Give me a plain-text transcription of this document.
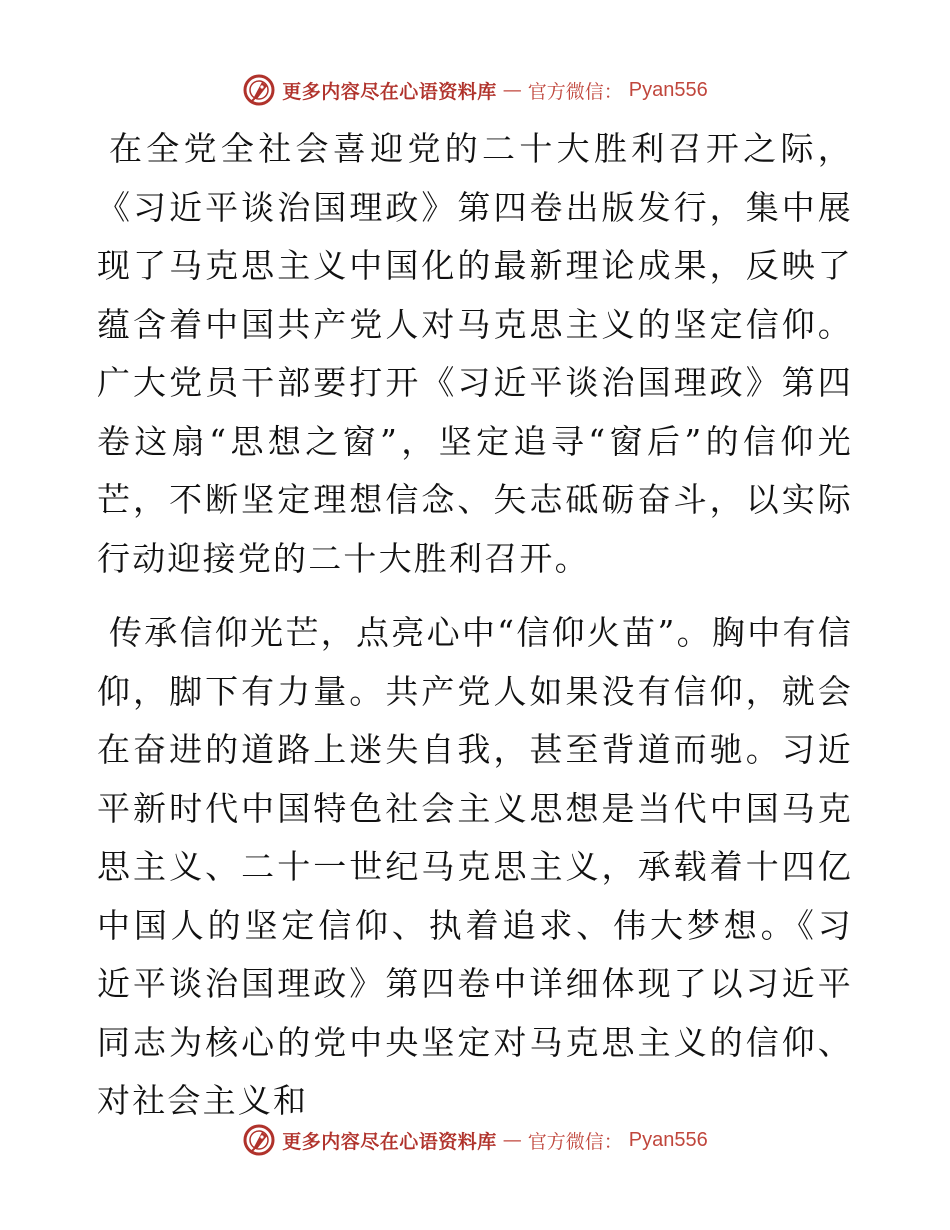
更多内容尽在心语资料库 — 官方微信： Pyan556

在全党全社会喜迎党的二十大胜利召开之际，《习近平谈治国理政》第四卷出版发行，集中展现了马克思主义中国化的最新理论成果，反映了蕴含着中国共产党人对马克思主义的坚定信仰。广大党员干部要打开《习近平谈治国理政》第四卷这扇“思想之窗”，坚定追寻“窗后”的信仰光芒，不断坚定理想信念、矢志砥砺奋斗，以实际行动迎接党的二十大胜利召开。

传承信仰光芒，点亮心中“信仰火苗”。胸中有信仰，脚下有力量。共产党人如果没有信仰，就会在奋进的道路上迷失自我，甚至背道而驰。习近平新时代中国特色社会主义思想是当代中国马克思主义、二十一世纪马克思主义，承载着十四亿中国人的坚定信仰、执着追求、伟大梦想。《习近平谈治国理政》第四卷中详细体现了以习近平同志为核心的党中央坚定对马克思主义的信仰、对社会主义和

更多内容尽在心语资料库 — 官方微信： Pyan556
